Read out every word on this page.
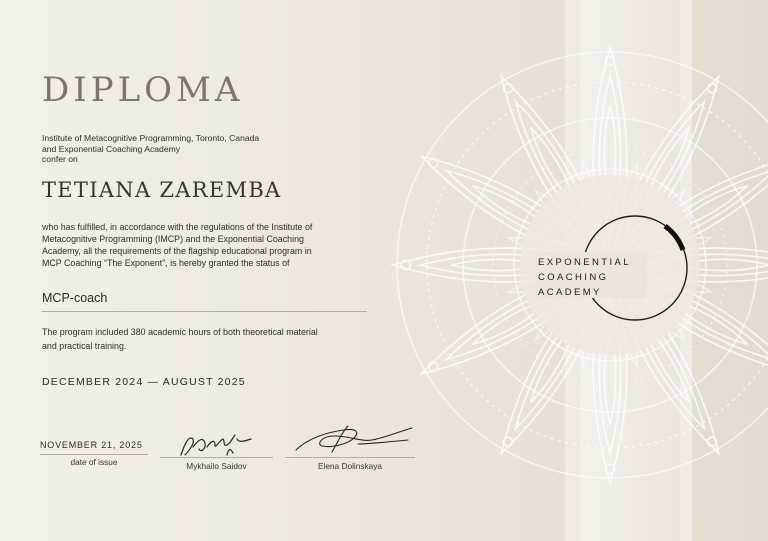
DIPLOMA
Institute of Metacognitive Programming, Toronto, Canada
and Exponential Coaching Academy
confer on
TETIANA ZAREMBA
who has fulfilled, in accordance with the regulations of the Institute of
Metacognitive Programming (IMCP) and the Exponential Coaching
Academy, all the requirements of the flagship educational program in
MCP Coaching “The Exponent”, is hereby granted the status of
MCP-coach
The program included 380 academic hours of both theoretical material
and practical training.
DECEMBER 2024 — AUGUST 2025
NOVEMBER 21, 2025
date of issue	Mykhailo Saidov	Elena Dolinskaya
EXPONENTIAL
COACHING
ACADEMY
